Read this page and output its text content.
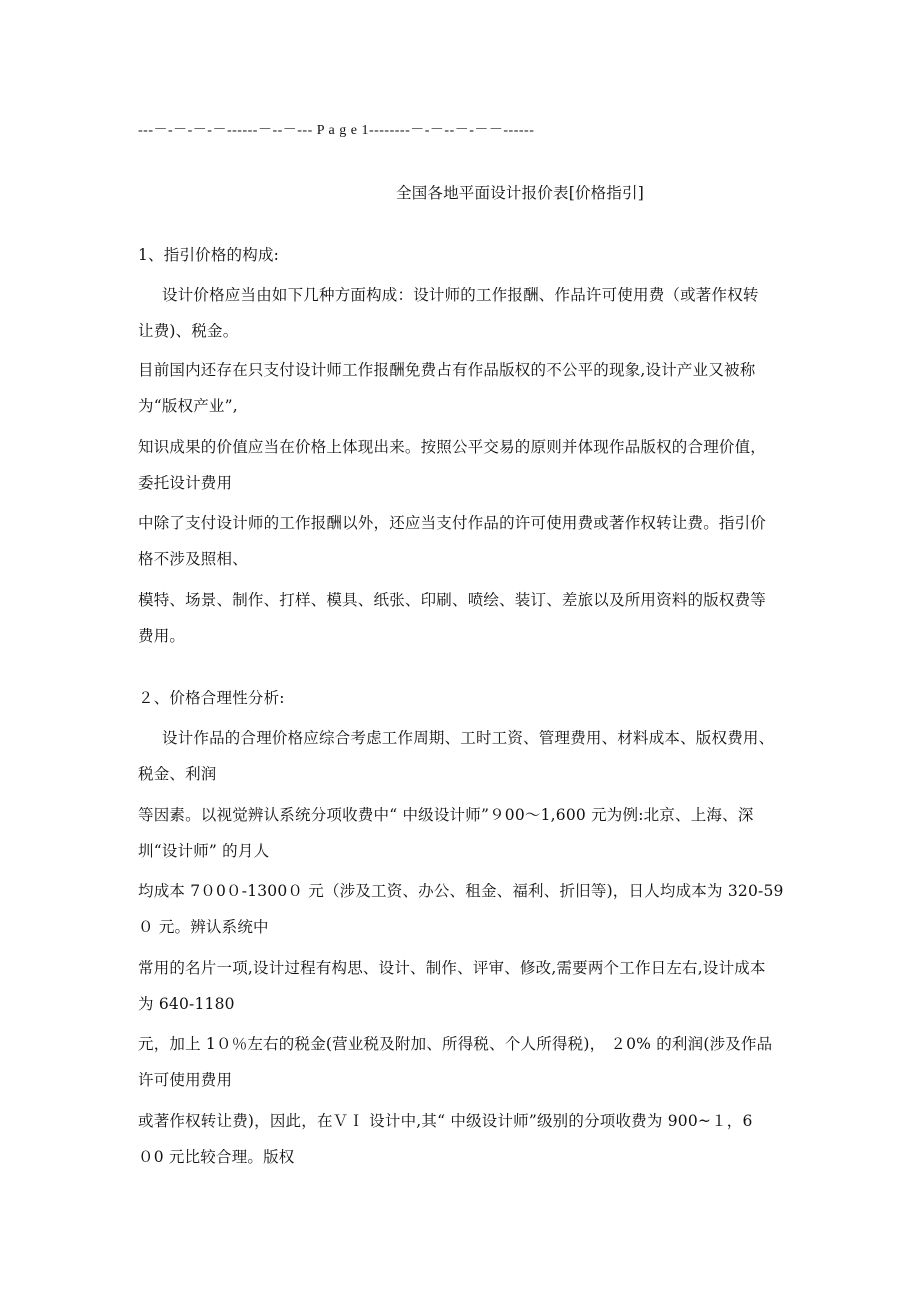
---－-－-－-－------－--－--- P a g e 1--------－-－--－-－－------
全国各地平面设计报价表[价格指引]
1、指引价格的构成:
设计价格应当由如下几种方面构成：设计师的工作报酬、作品许可使用费（或著作权转
让费)、税金。
目前国内还存在只支付设计师工作报酬免费占有作品版权的不公平的现象,设计产业又被称
为“版权产业”,
知识成果的价值应当在价格上体现出来。按照公平交易的原则并体现作品版权的合理价值，
委托设计费用
中除了支付设计师的工作报酬以外，还应当支付作品的许可使用费或著作权转让费。指引价
格不涉及照相、
模特、场景、制作、打样、模具、纸张、印刷、喷绘、装订、差旅以及所用资料的版权费等
费用。
２、价格合理性分析:
设计作品的合理价格应综合考虑工作周期、工时工资、管理费用、材料成本、版权费用、
税金、利润
等因素。以视觉辨认系统分项收费中“ 中级设计师”９00～1,600 元为例:北京、上海、深
圳“设计师” 的月人
均成本 7０0０-1300０ 元（涉及工资、办公、租金、福利、折旧等)，日人均成本为 320-59
０ 元。辨认系统中
常用的名片一项,设计过程有构思、设计、制作、评审、修改,需要两个工作日左右,设计成本
为 640-1180
元，加上 1０％左右的税金(营业税及附加、所得税、个人所得税)， ２0% 的利润(涉及作品
许可使用费用
或著作权转让费)，因此，在ＶＩ 设计中,其“ 中级设计师”级别的分项收费为 900~１，6
０0 元比较合理。版权
